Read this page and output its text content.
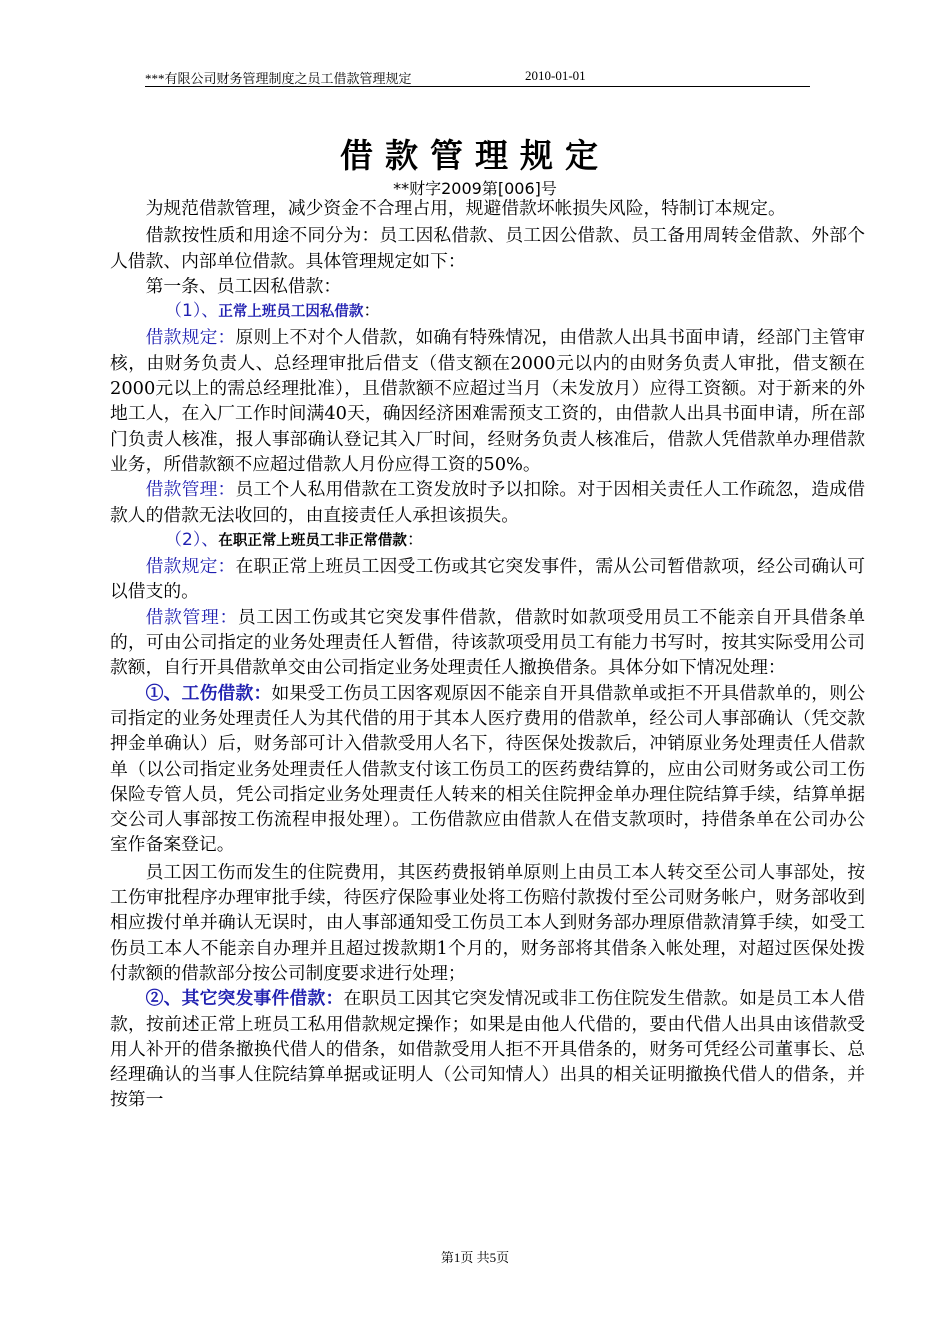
***有限公司财务管理制度之员工借款管理规定	2010-01-01
借款管理规定
**财字2009第[006]号

为规范借款管理，减少资金不合理占用，规避借款坏帐损失风险，特制订本规定。

借款按性质和用途不同分为：员工因私借款、员工因公借款、员工备用周转金借款、外部个人借款、内部单位借款。具体管理规定如下：

第一条、员工因私借款：

（1）、正常上班员工因私借款：

借款规定：原则上不对个人借款，如确有特殊情况，由借款人出具书面申请，经部门主管审核，由财务负责人、总经理审批后借支（借支额在2000元以内的由财务负责人审批，借支额在2000元以上的需总经理批准），且借款额不应超过当月（未发放月）应得工资额。对于新来的外地工人，在入厂工作时间满40天，确因经济困难需预支工资的，由借款人出具书面申请，所在部门负责人核准，报人事部确认登记其入厂时间，经财务负责人核准后，借款人凭借款单办理借款业务，所借款额不应超过借款人月份应得工资的50%。

借款管理：员工个人私用借款在工资发放时予以扣除。对于因相关责任人工作疏忽，造成借款人的借款无法收回的，由直接责任人承担该损失。

（2）、在职正常上班员工非正常借款：

借款规定：在职正常上班员工因受工伤或其它突发事件，需从公司暂借款项，经公司确认可以借支的。

借款管理：员工因工伤或其它突发事件借款，借款时如款项受用员工不能亲自开具借条单的，可由公司指定的业务处理责任人暂借，待该款项受用员工有能力书写时，按其实际受用公司款额，自行开具借款单交由公司指定业务处理责任人撤换借条。具体分如下情况处理：

①、工伤借款：如果受工伤员工因客观原因不能亲自开具借款单或拒不开具借款单的，则公司指定的业务处理责任人为其代借的用于其本人医疗费用的借款单，经公司人事部确认（凭交款押金单确认）后，财务部可计入借款受用人名下，待医保处拨款后，冲销原业务处理责任人借款单（以公司指定业务处理责任人借款支付该工伤员工的医药费结算的，应由公司财务或公司工伤保险专管人员，凭公司指定业务处理责任人转来的相关住院押金单办理住院结算手续，结算单据交公司人事部按工伤流程申报处理）。工伤借款应由借款人在借支款项时，持借条单在公司办公室作备案登记。

员工因工伤而发生的住院费用，其医药费报销单原则上由员工本人转交至公司人事部处，按工伤审批程序办理审批手续，待医疗保险事业处将工伤赔付款拨付至公司财务帐户，财务部收到相应拨付单并确认无误时，由人事部通知受工伤员工本人到财务部办理原借款清算手续，如受工伤员工本人不能亲自办理并且超过拨款期1个月的，财务部将其借条入帐处理，对超过医保处拨付款额的借款部分按公司制度要求进行处理；

②、其它突发事件借款：在职员工因其它突发情况或非工伤住院发生借款。如是员工本人借款，按前述正常上班员工私用借款规定操作；如果是由他人代借的，要由代借人出具由该借款受用人补开的借条撤换代借人的借条，如借款受用人拒不开具借条的，财务可凭经公司董事长、总经理确认的当事人住院结算单据或证明人（公司知情人）出具的相关证明撤换代借人的借条，并按第一

第1页 共5页
